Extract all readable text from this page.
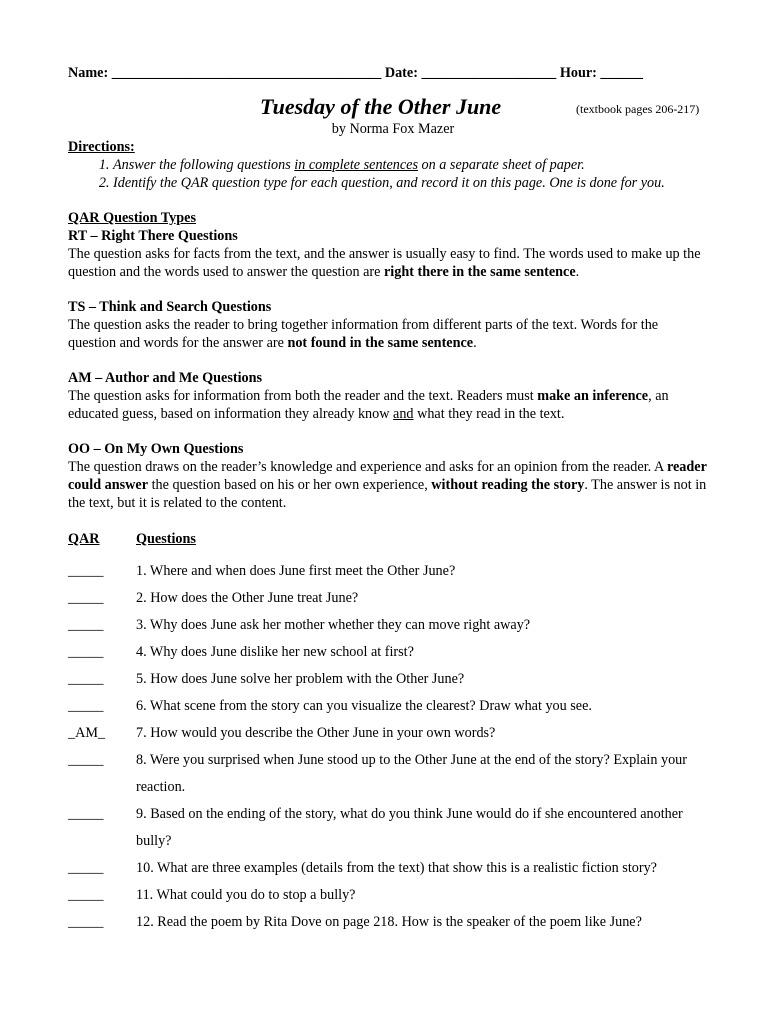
Name: ______________________________________ Date: ___________________ Hour: ______
Tuesday of the Other June	(textbook pages 206-217)
by Norma Fox Mazer
Directions:
1. Answer the following questions in complete sentences on a separate sheet of paper.
2. Identify the QAR question type for each question, and record it on this page. One is done for you.
QAR Question Types
RT – Right There Questions
The question asks for facts from the text, and the answer is usually easy to find. The words used to make up the question and the words used to answer the question are right there in the same sentence.
TS – Think and Search Questions
The question asks the reader to bring together information from different parts of the text. Words for the question and words for the answer are not found in the same sentence.
AM – Author and Me Questions
The question asks for information from both the reader and the text. Readers must make an inference, an educated guess, based on information they already know and what they read in the text.
OO – On My Own Questions
The question draws on the reader’s knowledge and experience and asks for an opinion from the reader. A reader could answer the question based on his or her own experience, without reading the story. The answer is not in the text, but it is related to the content.
QAR	Questions
_____	1. Where and when does June first meet the Other June?
_____	2. How does the Other June treat June?
_____	3. Why does June ask her mother whether they can move right away?
_____	4. Why does June dislike her new school at first?
_____	5. How does June solve her problem with the Other June?
_____	6. What scene from the story can you visualize the clearest? Draw what you see.
_AM_	7. How would you describe the Other June in your own words?
_____	8. Were you surprised when June stood up to the Other June at the end of the story? Explain your reaction.
_____	9. Based on the ending of the story, what do you think June would do if she encountered another bully?
_____	10. What are three examples (details from the text) that show this is a realistic fiction story?
_____	11. What could you do to stop a bully?
_____	12. Read the poem by Rita Dove on page 218. How is the speaker of the poem like June?
